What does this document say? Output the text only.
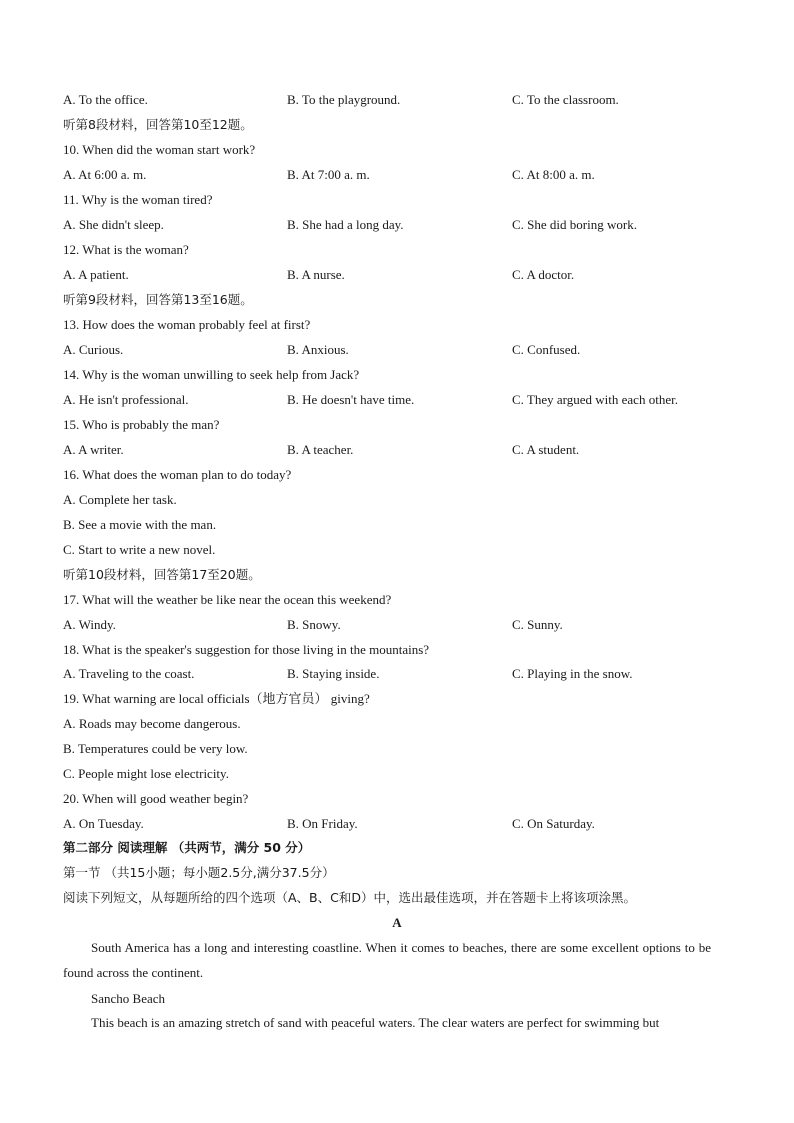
A. To the office.	B. To the playground.	C. To the classroom.
听第8段材料，回答第10至12题。
10. When did the woman start work?
A. At 6:00 a. m.	B. At 7:00 a. m.	C. At 8:00 a. m.
11. Why is the woman tired?
A. She didn't sleep.	B. She had a long day.	C. She did boring work.
12. What is the woman?
A. A patient.	B. A nurse.	C. A doctor.
听第9段材料，回答第13至16题。
13. How does the woman probably feel at first?
A. Curious.	B. Anxious.	C. Confused.
14. Why is the woman unwilling to seek help from Jack?
A. He isn't professional.	B. He doesn't have time.	C. They argued with each other.
15. Who is probably the man?
A. A writer.	B. A teacher.	C. A student.
16. What does the woman plan to do today?
A. Complete her task.
B. See a movie with the man.
C. Start to write a new novel.
听第10段材料，回答第17至20题。
17. What will the weather be like near the ocean this weekend?
A. Windy.	B. Snowy.	C. Sunny.
18. What is the speaker's suggestion for those living in the mountains?
A. Traveling to the coast.	B. Staying inside.	C. Playing in the snow.
19. What warning are local officials（地方官员） giving?
A. Roads may become dangerous.
B. Temperatures could be very low.
C. People might lose electricity.
20. When will good weather begin?
A. On Tuesday.	B. On Friday.	C. On Saturday.
第二部分 阅读理解 （共两节，满分 50 分）
第一节 （共15小题；每小题2.5分,满分37.5分）
阅读下列短文，从每题所给的四个选项（A、B、C和D）中，选出最佳选项，并在答题卡上将该项涂黑。
A
South America has a long and interesting coastline. When it comes to beaches, there are some excellent options to be found across the continent.
Sancho Beach
This beach is an amazing stretch of sand with peaceful waters. The clear waters are perfect for swimming but
